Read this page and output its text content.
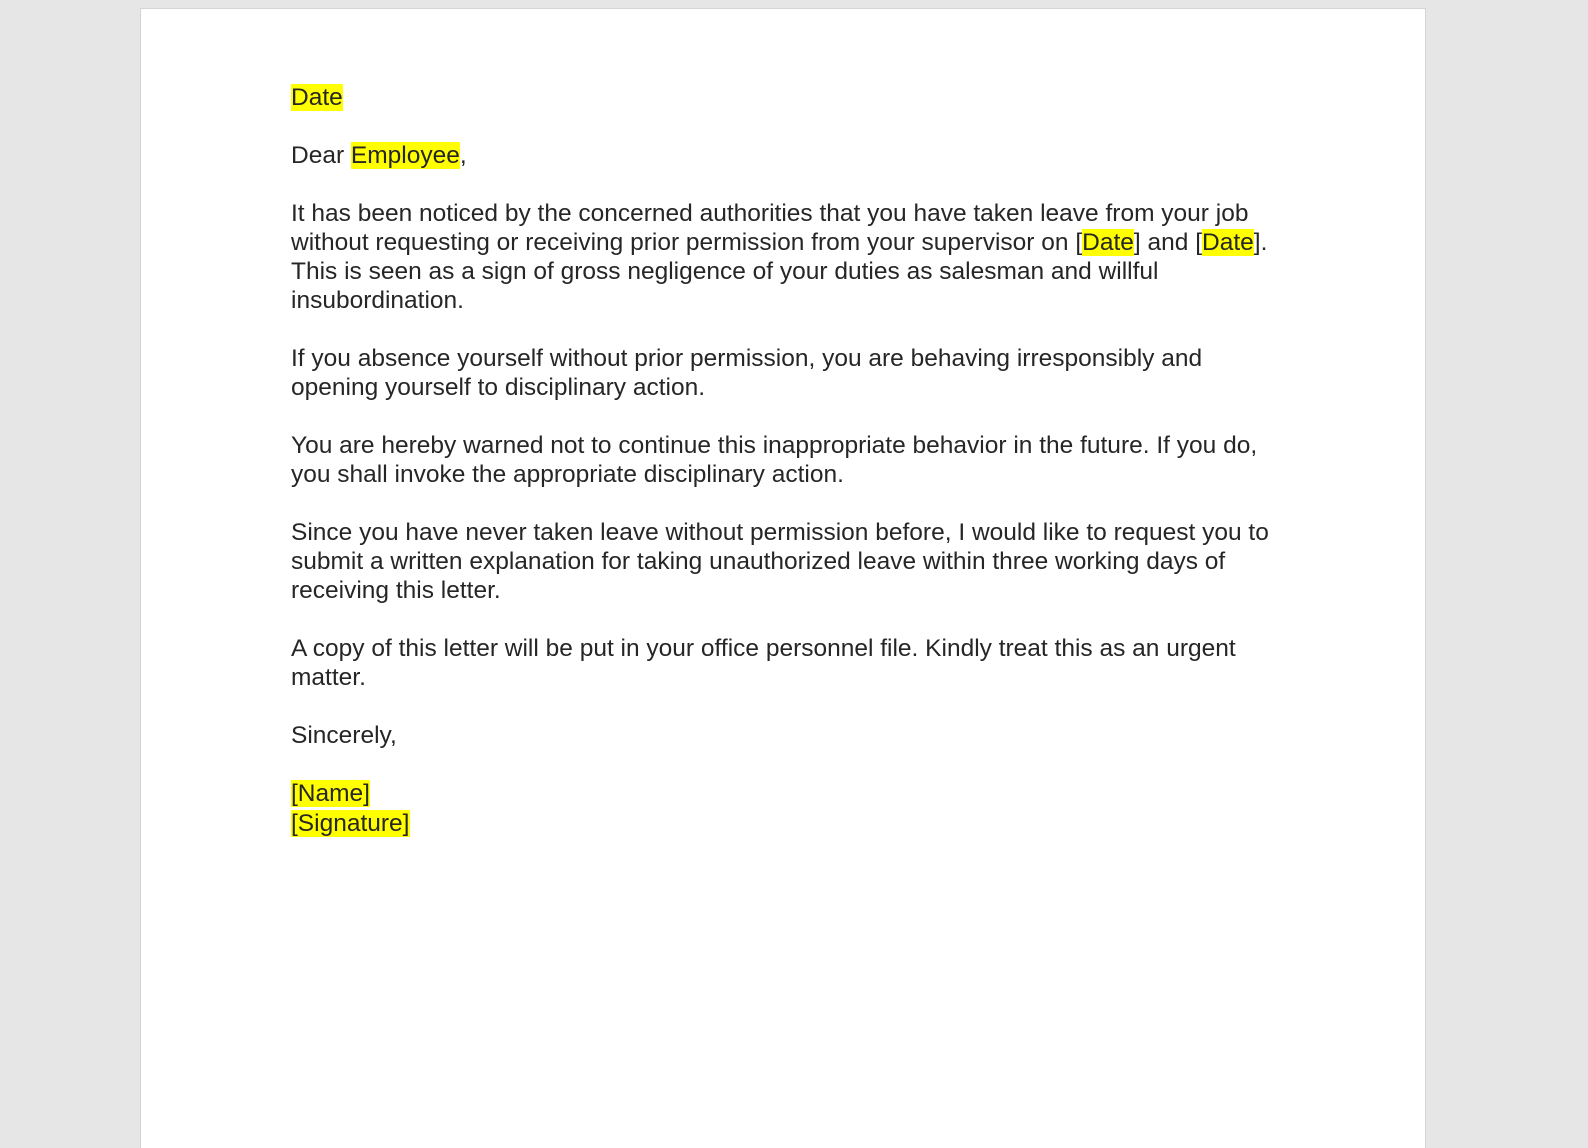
Date

Dear Employee,

It has been noticed by the concerned authorities that you have taken leave from your job without requesting or receiving prior permission from your supervisor on [Date] and [Date]. This is seen as a sign of gross negligence of your duties as salesman and willful insubordination.

If you absence yourself without prior permission, you are behaving irresponsibly and opening yourself to disciplinary action.

You are hereby warned not to continue this inappropriate behavior in the future. If you do, you shall invoke the appropriate disciplinary action.

Since you have never taken leave without permission before, I would like to request you to submit a written explanation for taking unauthorized leave within three working days of receiving this letter.

A copy of this letter will be put in your office personnel file. Kindly treat this as an urgent matter.

Sincerely,

[Name]

[Signature]
